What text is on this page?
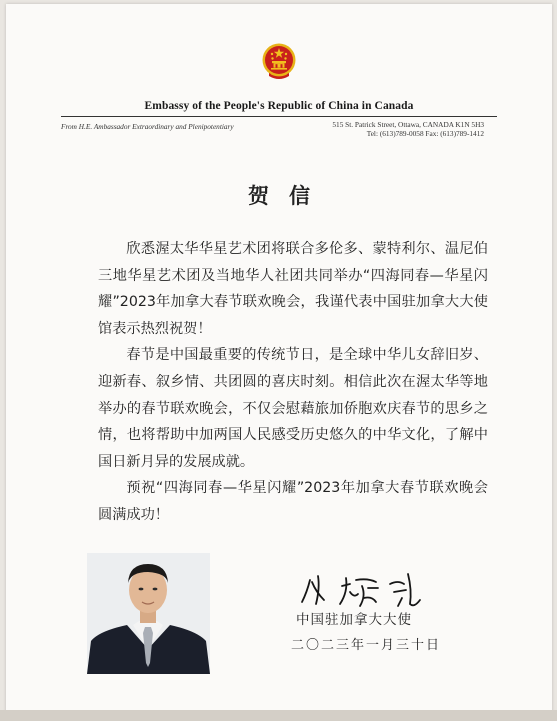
Embassy of the People's Republic of China in Canada
From H.E. Ambassador Extraordinary and Plenipotentiary	515 St. Patrick Street, Ottawa, CANADA K1N 5H3
Tel: (613)789-0058 Fax: (613)789-1412
贺信

欣悉渥太华华星艺术团将联合多伦多、蒙特利尔、温尼伯三地华星艺术团及当地华人社团共同举办“四海同春—华星闪耀”2023年加拿大春节联欢晚会，我谨代表中国驻加拿大大使馆表示热烈祝贺！

春节是中国最重要的传统节日，是全球中华儿女辞旧岁、迎新春、叙乡情、共团圆的喜庆时刻。相信此次在渥太华等地举办的春节联欢晚会，不仅会慰藉旅加侨胞欢庆春节的思乡之情，也将帮助中加两国人民感受历史悠久的中华文化，了解中国日新月异的发展成就。

预祝“四海同春—华星闪耀”2023年加拿大春节联欢晚会圆满成功！

中国驻加拿大大使
二〇二三年一月三十日
